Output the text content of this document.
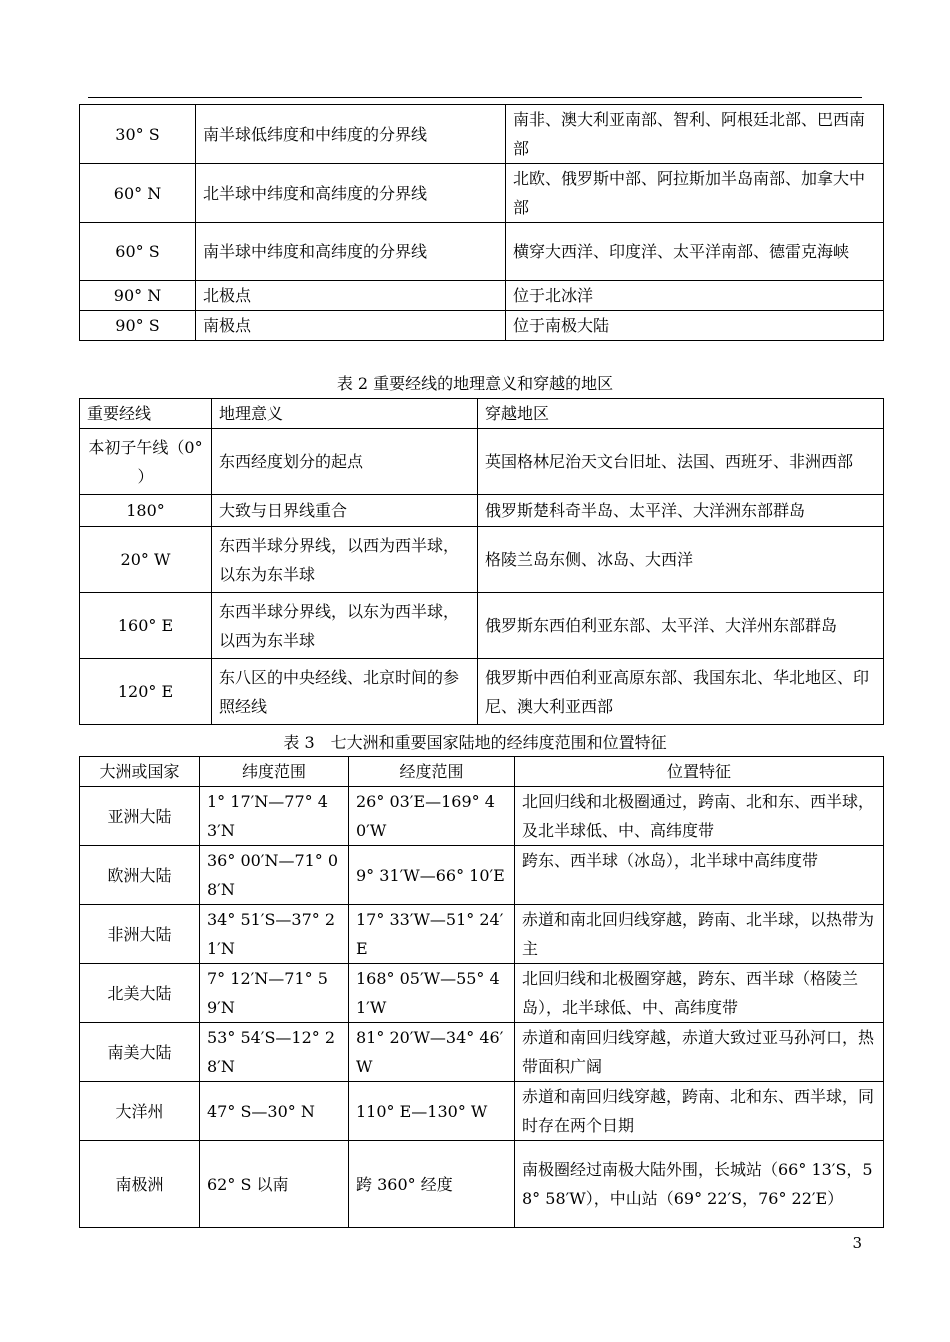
30° S	南半球低纬度和中纬度的分界线	南非、澳大利亚南部、智利、阿根廷北部、巴西南部
60° N	北半球中纬度和高纬度的分界线	北欧、俄罗斯中部、阿拉斯加半岛南部、加拿大中部
60° S	南半球中纬度和高纬度的分界线	横穿大西洋、印度洋、太平洋南部、德雷克海峡
90° N	北极点	位于北冰洋
90° S	南极点	位于南极大陆
表 2 重要经线的地理意义和穿越的地区
重要经线	地理意义	穿越地区
本初子午线（0° ）	东西经度划分的起点	英国格林尼治天文台旧址、法国、西班牙、非洲西部
180°	大致与日界线重合	俄罗斯楚科奇半岛、太平洋、大洋洲东部群岛
20° W	东西半球分界线，以西为西半球，以东为东半球	格陵兰岛东侧、冰岛、大西洋
160° E	东西半球分界线，以东为西半球，以西为东半球	俄罗斯东西伯利亚东部、太平洋、大洋州东部群岛
120° E	东八区的中央经线、北京时间的参照经线	俄罗斯中西伯利亚高原东部、我国东北、华北地区、印尼、澳大利亚西部
表 3　七大洲和重要国家陆地的经纬度范围和位置特征
大洲或国家	纬度范围	经度范围	位置特征
亚洲大陆	1° 17′N—77° 43′N	26° 03′E—169° 40′W	北回归线和北极圈通过，跨南、北和东、西半球，及北半球低、中、高纬度带
欧洲大陆	36° 00′N—71° 08′N	9° 31′W—66° 10′E	跨东、西半球（冰岛），北半球中高纬度带
非洲大陆	34° 51′S—37° 21′N	17° 33′W—51° 24′E	赤道和南北回归线穿越，跨南、北半球，以热带为主
北美大陆	7° 12′N—71° 59′N	168° 05′W—55° 41′W	北回归线和北极圈穿越，跨东、西半球（格陵兰岛），北半球低、中、高纬度带
南美大陆	53° 54′S—12° 28′N	81° 20′W—34° 46′W	赤道和南回归线穿越，赤道大致过亚马孙河口，热带面积广阔
大洋州	47° S—30° N	110° E—130° W	赤道和南回归线穿越，跨南、北和东、西半球，同时存在两个日期
南极洲	62° S 以南	跨 360° 经度	南极圈经过南极大陆外围，长城站（66° 13′S，58° 58′W），中山站（69° 22′S，76° 22′E）
3
